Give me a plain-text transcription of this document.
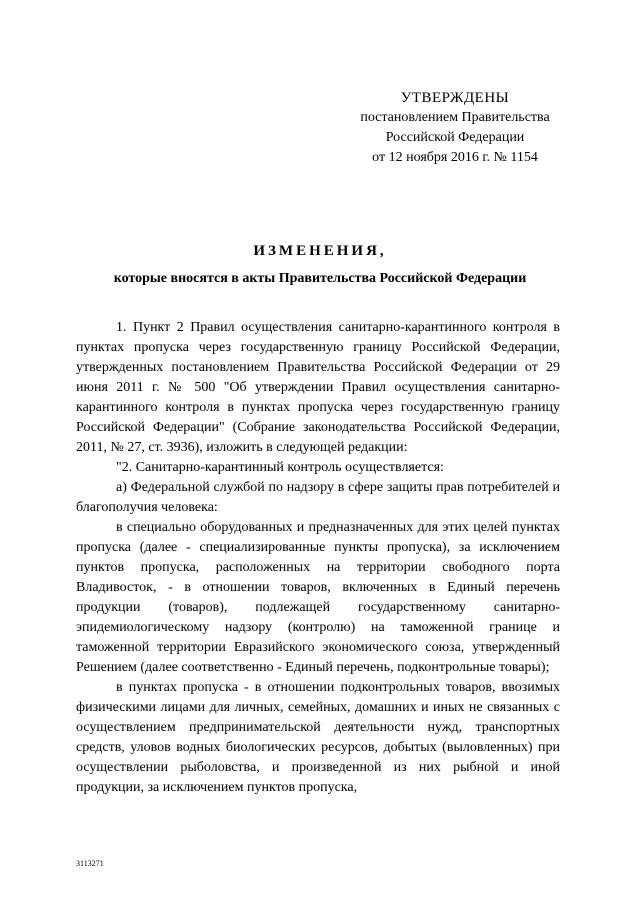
УТВЕРЖДЕНЫ
постановлением Правительства
Российской Федерации
от 12 ноября 2016 г. № 1154
ИЗМЕНЕНИЯ,
которые вносятся в акты Правительства Российской Федерации

1. Пункт 2 Правил осуществления санитарно-карантинного контроля в пунктах пропуска через государственную границу Российской Федерации, утвержденных постановлением Правительства Российской Федерации от 29 июня 2011 г. № 500 "Об утверждении Правил осуществления санитарно-карантинного контроля в пунктах пропуска через государственную границу Российской Федерации" (Собрание законодательства Российской Федерации, 2011, № 27, ст. 3936), изложить в следующей редакции:

"2. Санитарно-карантинный контроль осуществляется:

а) Федеральной службой по надзору в сфере защиты прав потребителей и благополучия человека:

в специально оборудованных и предназначенных для этих целей пунктах пропуска (далее - специализированные пункты пропуска), за исключением пунктов пропуска, расположенных на территории свободного порта Владивосток, - в отношении товаров, включенных в Единый перечень продукции (товаров), подлежащей государственному санитарно-эпидемиологическому надзору (контролю) на таможенной границе и таможенной территории Евразийского экономического союза, утвержденный Решением (далее соответственно - Единый перечень, подконтрольные товары);

в пунктах пропуска - в отношении подконтрольных товаров, ввозимых физическими лицами для личных, семейных, домашних и иных не связанных с осуществлением предпринимательской деятельности нужд, транспортных средств, уловов водных биологических ресурсов, добытых (выловленных) при осуществлении рыболовства, и произведенной из них рыбной и иной продукции, за исключением пунктов пропуска,

3113271
